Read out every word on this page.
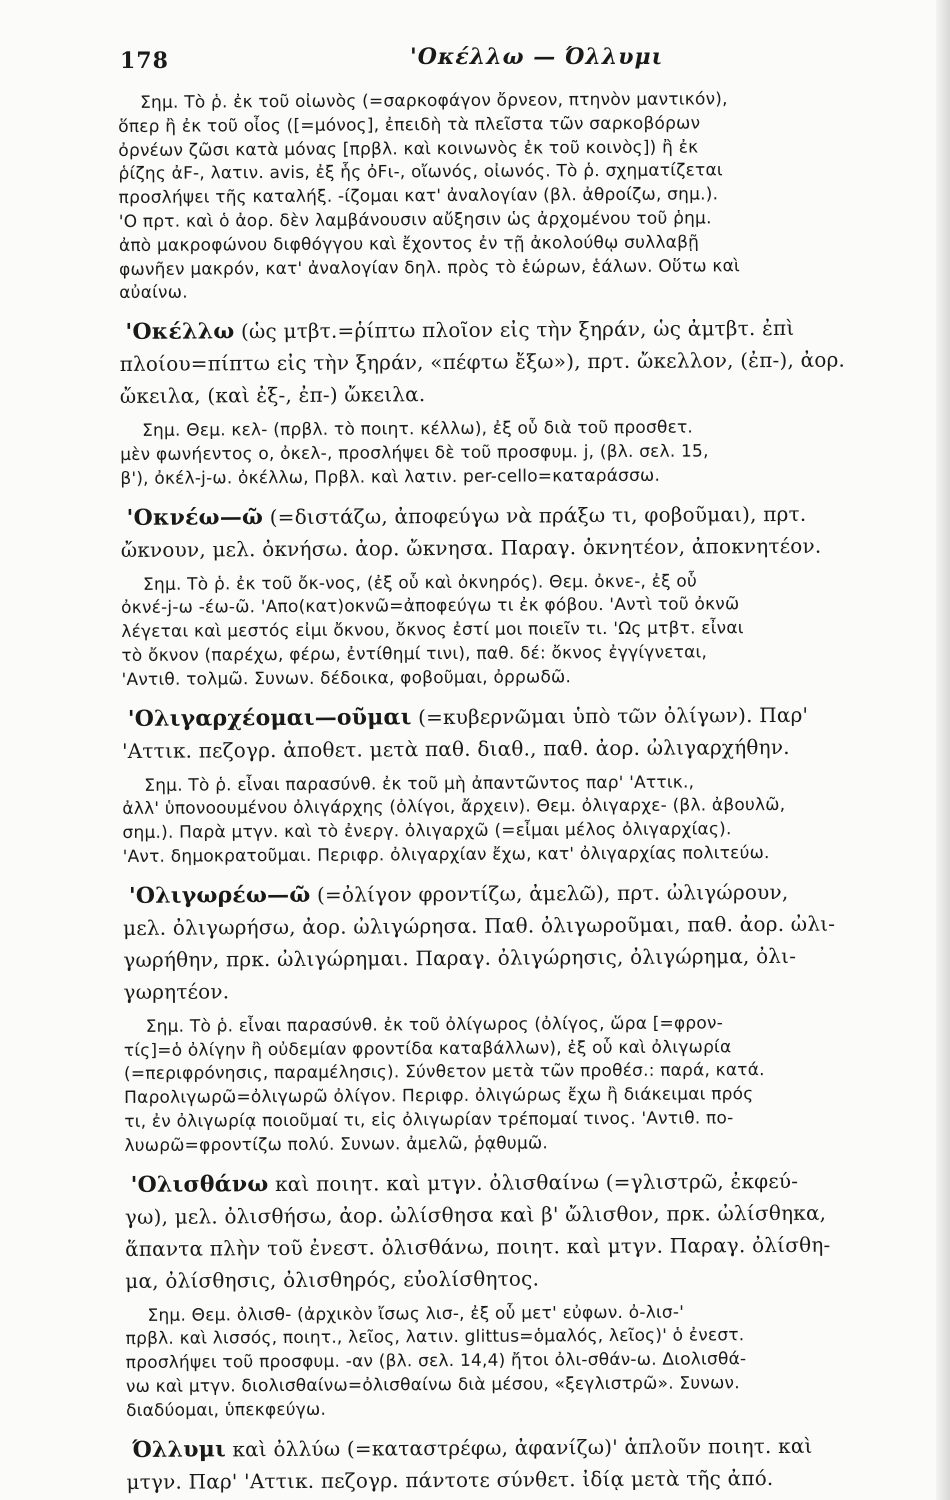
178	'Οκέλλω — Όλλυμι
Σημ. Τὸ ῥ. ἐκ τοῦ οἰωνὸς (=σαρκοφάγον ὄρνεον, πτηνὸν μαντικόν),
ὅπερ ἢ ἐκ τοῦ οἶος ([=μόνος], ἐπειδὴ τὰ πλεῖστα τῶν σαρκοβόρων
ὀρνέων ζῶσι κατὰ μόνας [πρβλ. καὶ κοινωνὸς ἐκ τοῦ κοινὸς]) ἢ ἐκ
ῥίζης ἀF-, λατιν. avis, ἐξ ἧς ὀFι-, οἴωνός, οἰωνός. Τὸ ῥ. σχηματίζεται
προσλήψει τῆς καταλήξ. -ίζομαι κατ' ἀναλογίαν (βλ. ἀθροίζω, σημ.).
'Ο πρτ. καὶ ὁ ἀορ. δὲν λαμβάνουσιν αὔξησιν ὡς ἀρχομένου τοῦ ῥημ.
ἀπὸ μακροφώνου διφθόγγου καὶ ἔχοντος ἐν τῇ ἀκολούθῳ συλλαβῇ
φωνῆεν μακρόν, κατ' ἀναλογίαν δηλ. πρὸς τὸ ἑώρων, ἑάλων. Οὕτω καὶ
αὐαίνω.
'Οκέλλω (ὡς μτβτ.=ῥίπτω πλοῖον εἰς τὴν ξηράν, ὡς ἀμτβτ. ἐπὶ
πλοίου=πίπτω εἰς τὴν ξηράν, «πέφτω ἔξω»), πρτ. ὤκελλον, (ἐπ-), ἀορ.
ὤκειλα, (καὶ ἐξ-, ἐπ-) ὤκειλα.
Σημ. Θεμ. κελ- (πρβλ. τὸ ποιητ. κέλλω), ἐξ οὗ διὰ τοῦ προσθετ.
μὲν φωνήεντος ο, ὀκελ-, προσλήψει δὲ τοῦ προσφυμ. j, (βλ. σελ. 15,
β'), ὀκέλ-j-ω. ὀκέλλω, Πρβλ. καὶ λατιν. per-cello=καταράσσω.
'Οκνέω—ῶ (=διστάζω, ἀποφεύγω νὰ πράξω τι, φοβοῦμαι), πρτ.
ὤκνουν, μελ. ὀκνήσω. ἀορ. ὤκνησα. Παραγ. ὀκνητέον, ἀποκνητέον.
Σημ. Τὸ ῥ. ἐκ τοῦ ὄκ-νος, (ἐξ οὗ καὶ ὀκνηρός). Θεμ. ὀκνε-, ἐξ οὗ
ὀκνέ-j-ω -έω-ῶ. 'Απο(κατ)οκνῶ=ἀποφεύγω τι ἐκ φόβου. 'Αντὶ τοῦ ὀκνῶ
λέγεται καὶ μεστός εἰμι ὄκνου, ὄκνος ἐστί μοι ποιεῖν τι. 'Ως μτβτ. εἶναι
τὸ ὄκνον (παρέχω, φέρω, ἐντίθημί τινι), παθ. δέ: ὄκνος ἐγγίγνεται,
'Αντιθ. τολμῶ. Συνων. δέδοικα, φοβοῦμαι, ὀρρωδῶ.
'Ολιγαρχέομαι—οῦμαι (=κυβερνῶμαι ὑπὸ τῶν ὀλίγων). Παρ'
'Αττικ. πεζογρ. ἀποθετ. μετὰ παθ. διαθ., παθ. ἀορ. ὠλιγαρχήθην.
Σημ. Τὸ ῥ. εἶναι παρασύνθ. ἐκ τοῦ μὴ ἀπαντῶντος παρ' 'Αττικ.,
ἀλλ' ὑπονοουμένου ὀλιγάρχης (ὀλίγοι, ἄρχειν). Θεμ. ὀλιγαρχε- (βλ. ἀβουλῶ,
σημ.). Παρὰ μτγν. καὶ τὸ ἐνεργ. ὀλιγαρχῶ (=εἶμαι μέλος ὀλιγαρχίας).
'Αντ. δημοκρατοῦμαι. Περιφρ. ὀλιγαρχίαν ἔχω, κατ' ὀλιγαρχίας πολιτεύω.
'Ολιγωρέω—ῶ (=ὀλίγον φροντίζω, ἀμελῶ), πρτ. ὠλιγώρουν,
μελ. ὀλιγωρήσω, ἀορ. ὠλιγώρησα. Παθ. ὀλιγωροῦμαι, παθ. ἀορ. ὠλι-
γωρήθην, πρκ. ὠλιγώρημαι. Παραγ. ὀλιγώρησις, ὀλιγώρημα, ὀλι-
γωρητέον.
Σημ. Τὸ ῥ. εἶναι παρασύνθ. ἐκ τοῦ ὀλίγωρος (ὀλίγος, ὥρα [=φρον-
τίς]=ὁ ὀλίγην ἢ οὐδεμίαν φροντίδα καταβάλλων), ἐξ οὗ καὶ ὀλιγωρία
(=περιφρόνησις, παραμέλησις). Σύνθετον μετὰ τῶν προθέσ.: παρά, κατά.
Παρολιγωρῶ=ὀλιγωρῶ ὀλίγον. Περιφρ. ὀλιγώρως ἔχω ἢ διάκειμαι πρός
τι, ἐν ὀλιγωρίᾳ ποιοῦμαί τι, εἰς ὀλιγωρίαν τρέπομαί τινος. 'Αντιθ. πο-
λυωρῶ=φροντίζω πολύ. Συνων. ἀμελῶ, ῥᾳθυμῶ.
'Ολισθάνω καὶ ποιητ. καὶ μτγν. ὀλισθαίνω (=γλιστρῶ, ἐκφεύ-
γω), μελ. ὀλισθήσω, ἀορ. ὠλίσθησα καὶ β' ὤλισθον, πρκ. ὠλίσθηκα,
ἅπαντα πλὴν τοῦ ἐνεστ. ὀλισθάνω, ποιητ. καὶ μτγν. Παραγ. ὀλίσθη-
μα, ὀλίσθησις, ὀλισθηρός, εὐολίσθητος.
Σημ. Θεμ. ὀλισθ- (ἀρχικὸν ἴσως λισ-, ἐξ οὗ μετ' εὐφων. ὀ-λισ-'
πρβλ. καὶ λισσός, ποιητ., λεῖος, λατιν. glittus=ὁμαλός, λεῖος)' ὁ ἐνεστ.
προσλήψει τοῦ προσφυμ. -αν (βλ. σελ. 14,4) ἤτοι ὀλι-σθάν-ω. Διολισθά-
νω καὶ μτγν. διολισθαίνω=ὀλισθαίνω διὰ μέσου, «ξεγλιστρῶ». Συνων.
διαδύομαι, ὑπεκφεύγω.
Όλλυμι καὶ ὀλλύω (=καταστρέφω, ἀφανίζω)' ἁπλοῦν ποιητ. καὶ
μτγν. Παρ' 'Αττικ. πεζογρ. πάντοτε σύνθετ. ἰδίᾳ μετὰ τῆς ἀπό.
